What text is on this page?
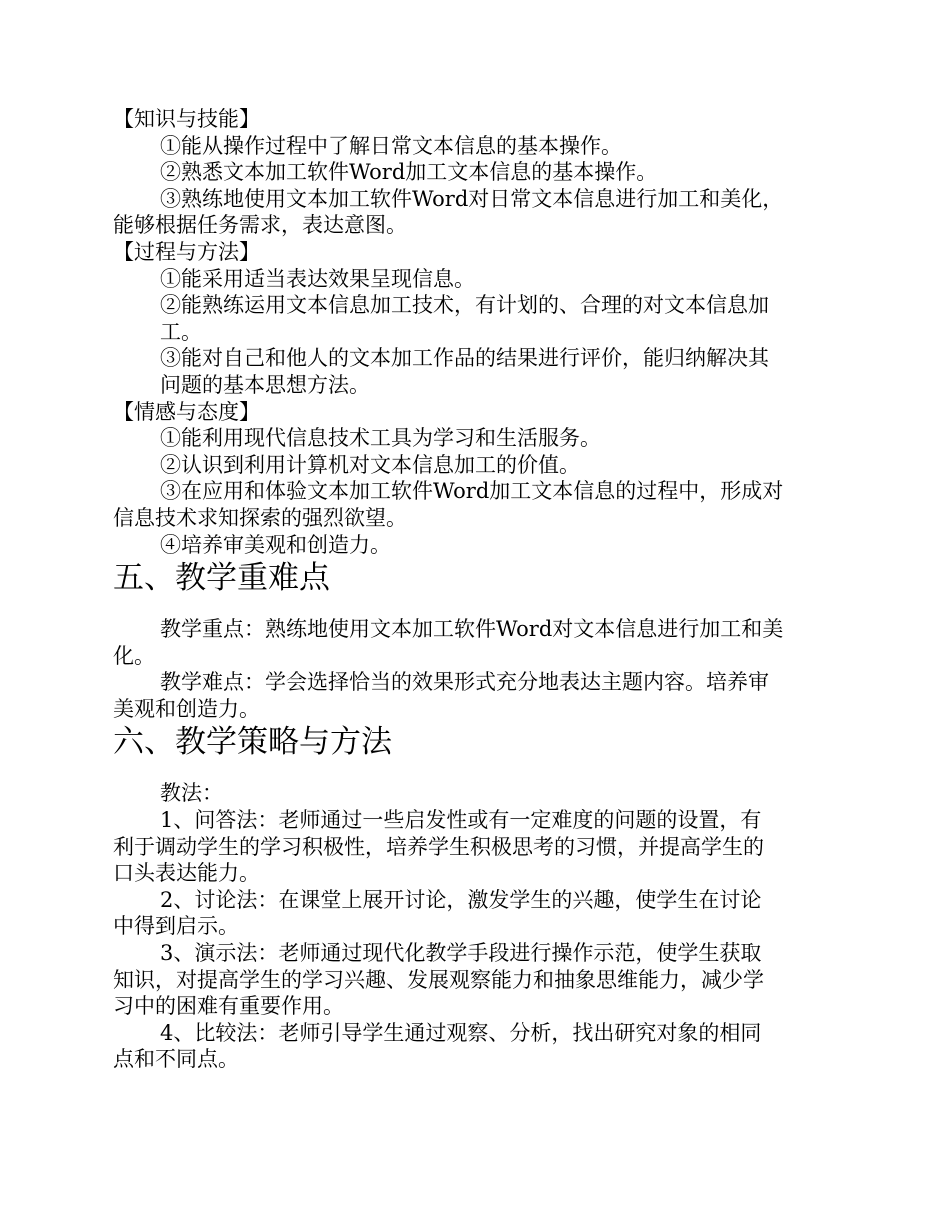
【知识与技能】
①能从操作过程中了解日常文本信息的基本操作。
②熟悉文本加工软件Word加工文本信息的基本操作。
③熟练地使用文本加工软件Word对日常文本信息进行加工和美化，
能够根据任务需求，表达意图。
【过程与方法】
①能采用适当表达效果呈现信息。
②能熟练运用文本信息加工技术，有计划的、合理的对文本信息加
工。
③能对自己和他人的文本加工作品的结果进行评价，能归纳解决其
问题的基本思想方法。
【情感与态度】
①能利用现代信息技术工具为学习和生活服务。
②认识到利用计算机对文本信息加工的价值。
③在应用和体验文本加工软件Word加工文本信息的过程中，形成对
信息技术求知探索的强烈欲望。
④培养审美观和创造力。
五、教学重难点
教学重点：熟练地使用文本加工软件Word对文本信息进行加工和美
化。
教学难点：学会选择恰当的效果形式充分地表达主题内容。培养审
美观和创造力。
六、教学策略与方法
教法：
1、问答法：老师通过一些启发性或有一定难度的问题的设置，有
利于调动学生的学习积极性，培养学生积极思考的习惯，并提高学生的
口头表达能力。
2、讨论法：在课堂上展开讨论，激发学生的兴趣，使学生在讨论
中得到启示。
3、演示法：老师通过现代化教学手段进行操作示范，使学生获取
知识，对提高学生的学习兴趣、发展观察能力和抽象思维能力，减少学
习中的困难有重要作用。
4、比较法：老师引导学生通过观察、分析，找出研究对象的相同
点和不同点。
